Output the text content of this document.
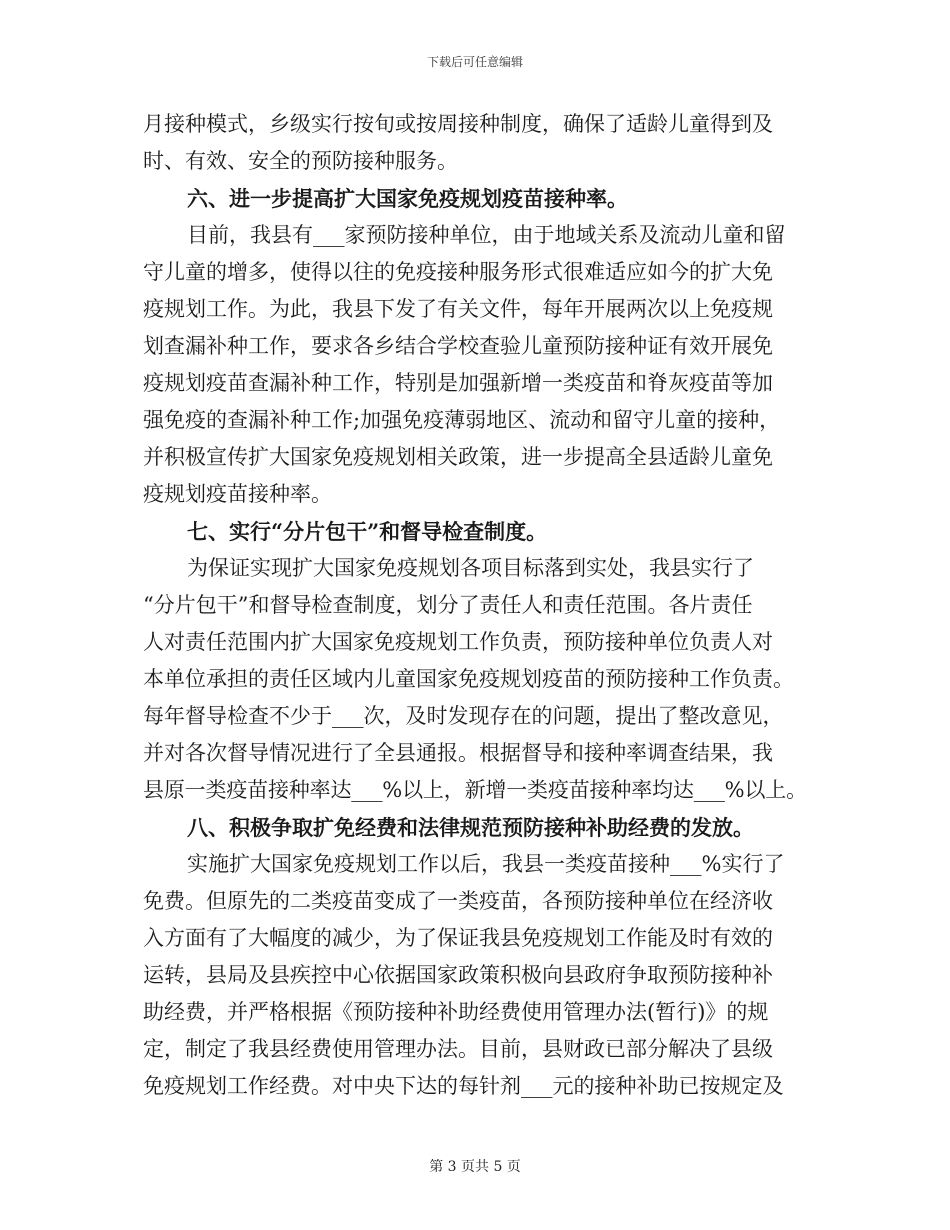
下载后可任意编辑
月接种模式，乡级实行按旬或按周接种制度，确保了适龄儿童得到及
时、有效、安全的预防接种服务。
六、进一步提高扩大国家免疫规划疫苗接种率。
目前，我县有___家预防接种单位，由于地域关系及流动儿童和留
守儿童的增多，使得以往的免疫接种服务形式很难适应如今的扩大免
疫规划工作。为此，我县下发了有关文件，每年开展两次以上免疫规
划查漏补种工作，要求各乡结合学校查验儿童预防接种证有效开展免
疫规划疫苗查漏补种工作，特别是加强新增一类疫苗和脊灰疫苗等加
强免疫的查漏补种工作;加强免疫薄弱地区、流动和留守儿童的接种，
并积极宣传扩大国家免疫规划相关政策，进一步提高全县适龄儿童免
疫规划疫苗接种率。
七、实行“分片包干”和督导检查制度。
为保证实现扩大国家免疫规划各项目标落到实处，我县实行了
“分片包干”和督导检查制度，划分了责任人和责任范围。各片责任
人对责任范围内扩大国家免疫规划工作负责，预防接种单位负责人对
本单位承担的责任区域内儿童国家免疫规划疫苗的预防接种工作负责。
每年督导检查不少于___次，及时发现存在的问题，提出了整改意见，
并对各次督导情况进行了全县通报。根据督导和接种率调查结果，我
县原一类疫苗接种率达___%以上，新增一类疫苗接种率均达___%以上。
八、积极争取扩免经费和法律规范预防接种补助经费的发放。
实施扩大国家免疫规划工作以后，我县一类疫苗接种___%实行了
免费。但原先的二类疫苗变成了一类疫苗，各预防接种单位在经济收
入方面有了大幅度的减少，为了保证我县免疫规划工作能及时有效的
运转，县局及县疾控中心依据国家政策积极向县政府争取预防接种补
助经费，并严格根据《预防接种补助经费使用管理办法(暂行)》的规
定，制定了我县经费使用管理办法。目前，县财政已部分解决了县级
免疫规划工作经费。对中央下达的每针剂___元的接种补助已按规定及
第 3 页共 5 页
